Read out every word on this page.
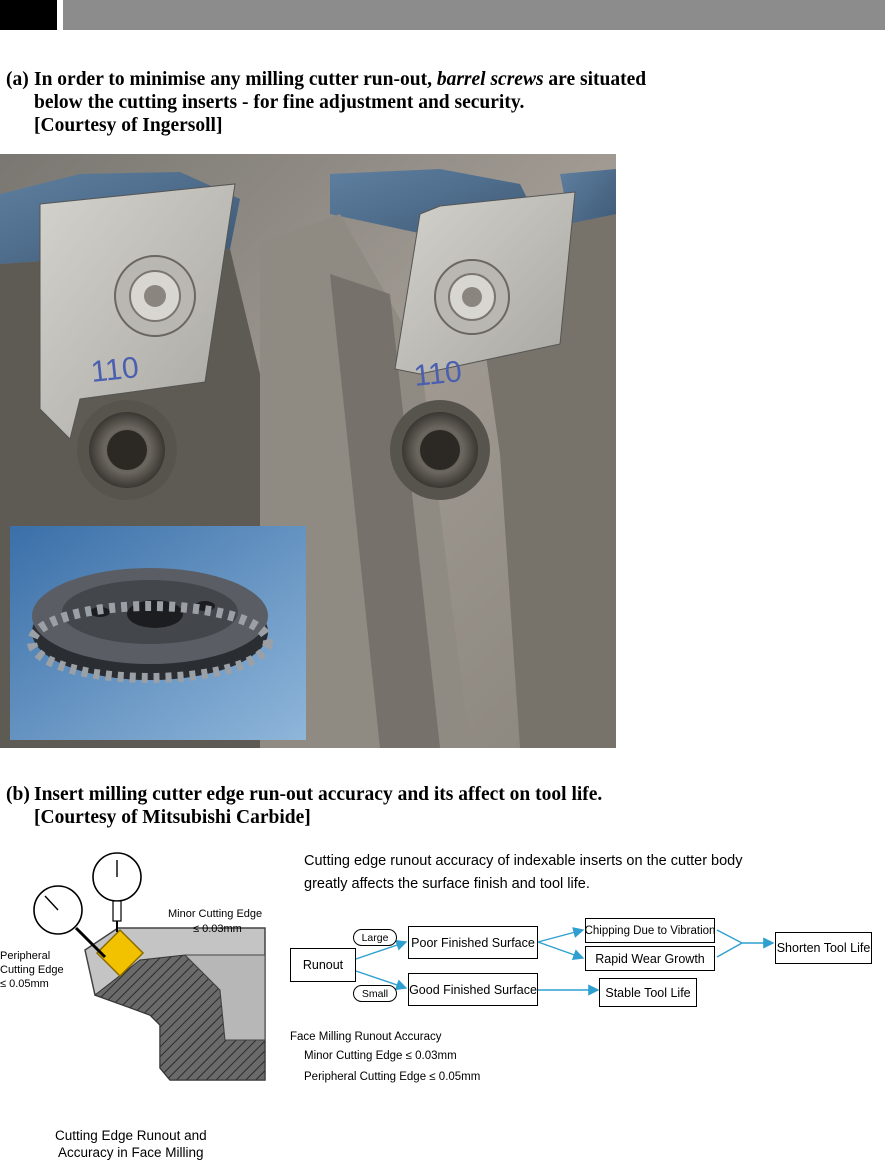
(a) In order to minimise any milling cutter run-out, barrel screws are situated
below the cutting inserts - for fine adjustment and security.
[Courtesy of Ingersoll]
110	110
(b) Insert milling cutter edge run-out accuracy and its affect on tool life.
[Courtesy of Mitsubishi Carbide]
Minor Cutting Edge
≤ 0.03mm
Peripheral
Cutting Edge
≤ 0.05mm
Cutting Edge Runout and
Accuracy in Face Milling
Cutting edge runout accuracy of indexable inserts on the cutter body
greatly affects the surface finish and tool life.
Runout
Large
Small
Poor Finished Surface
Good Finished Surface
Chipping Due to Vibration
Rapid Wear Growth
Stable Tool Life
Shorten Tool Life
Face Milling Runout Accuracy
Minor Cutting Edge ≤ 0.03mm
Peripheral Cutting Edge ≤ 0.05mm
